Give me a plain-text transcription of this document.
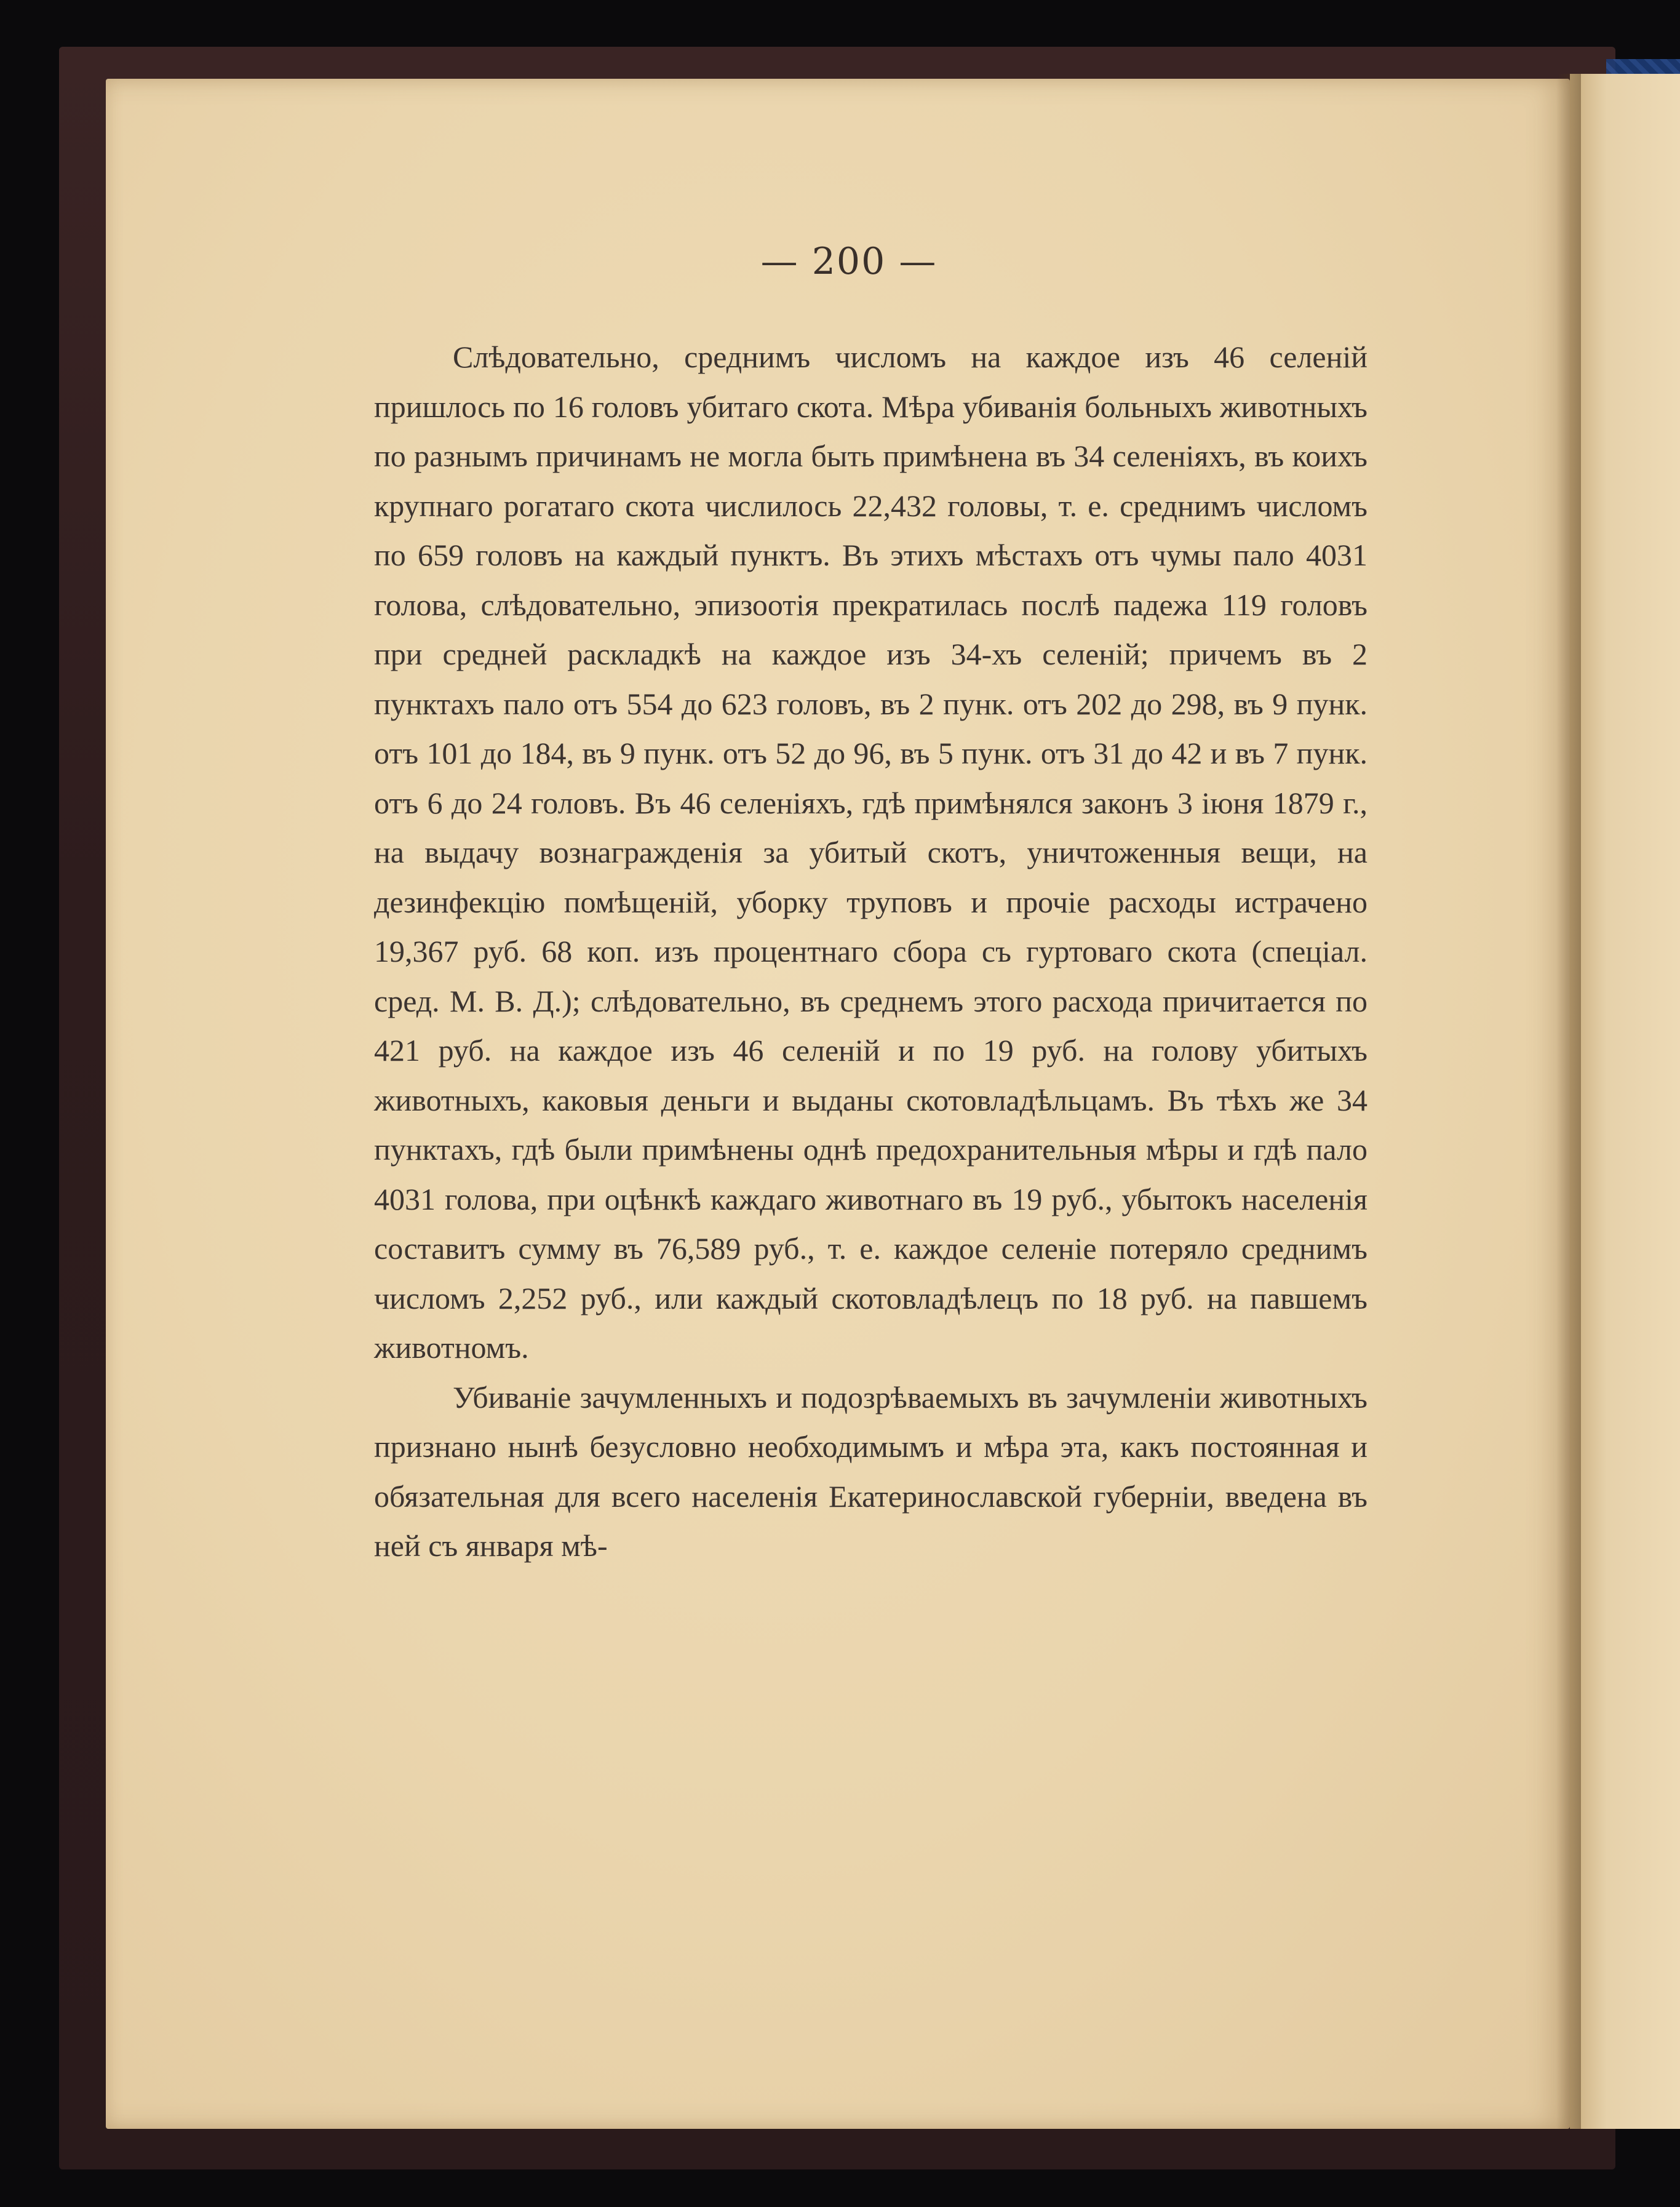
— 200 —

Слѣдовательно, среднимъ числомъ на каждое изъ 46 селеній пришлось по 16 головъ убитаго скота. Мѣра убиванія больныхъ животныхъ по разнымъ причинамъ не могла быть примѣнена въ 34 селеніяхъ, въ коихъ крупнаго рогатаго скота числилось 22,432 головы, т. е. среднимъ числомъ по 659 головъ на каждый пунктъ. Въ этихъ мѣстахъ отъ чумы пало 4031 голова, слѣдовательно, эпизоотія прекратилась послѣ падежа 119 головъ при средней раскладкѣ на каждое изъ 34-хъ селеній; причемъ въ 2 пунктахъ пало отъ 554 до 623 головъ, въ 2 пунк. отъ 202 до 298, въ 9 пунк. отъ 101 до 184, въ 9 пунк. отъ 52 до 96, въ 5 пунк. отъ 31 до 42 и въ 7 пунк. отъ 6 до 24 головъ. Въ 46 селеніяхъ, гдѣ примѣнялся законъ 3 іюня 1879 г., на выдачу вознагражденія за убитый скотъ, уничтоженныя вещи, на дезинфекцію помѣщеній, уборку труповъ и прочіе расходы истрачено 19,367 руб. 68 коп. изъ процентнаго сбора съ гуртоваго скота (спеціал. сред. М. В. Д.); слѣдовательно, въ среднемъ этого расхода причитается по 421 руб. на каждое изъ 46 селеній и по 19 руб. на голову убитыхъ животныхъ, каковыя деньги и выданы скотовладѣльцамъ. Въ тѣхъ же 34 пунктахъ, гдѣ были примѣнены однѣ предохранительныя мѣры и гдѣ пало 4031 голова, при оцѣнкѣ каждаго животнаго въ 19 руб., убытокъ населенія составитъ сумму въ 76,589 руб., т. е. каждое селеніе потеряло среднимъ числомъ 2,252 руб., или каждый скотовладѣлецъ по 18 руб. на павшемъ животномъ.

Убиваніе зачумленныхъ и подозрѣваемыхъ въ зачумленіи животныхъ признано нынѣ безусловно необходимымъ и мѣра эта, какъ постоянная и обязательная для всего населенія Екатеринославской губерніи, введена въ ней съ января мѣ-
